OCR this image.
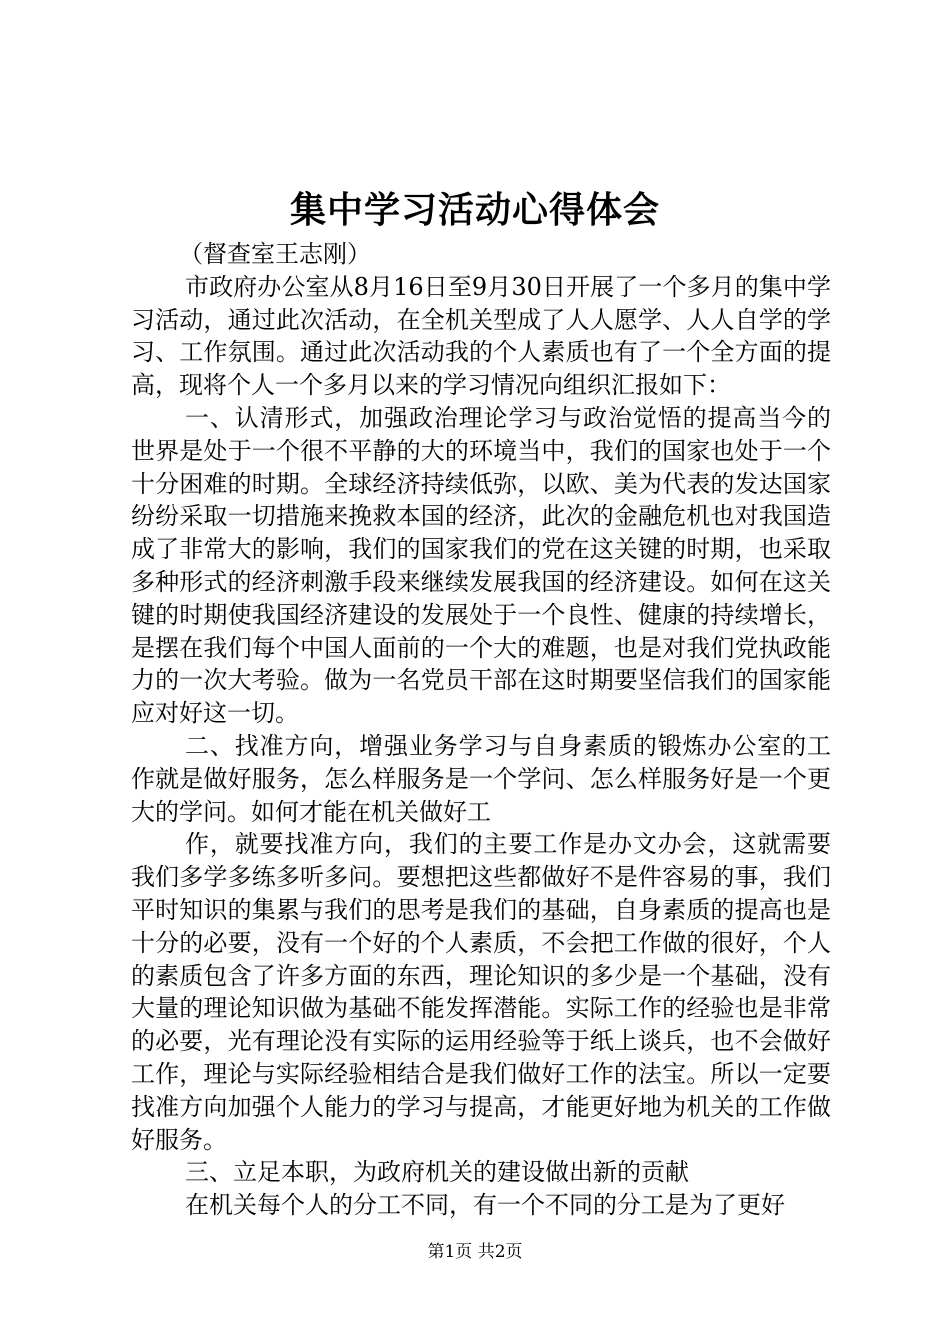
集中学习活动心得体会

（督查室王志刚）

市政府办公室从8月16日至9月30日开展了一个多月的集中学习活动，通过此次活动，在全机关型成了人人愿学、人人自学的学习、工作氛围。通过此次活动我的个人素质也有了一个全方面的提高，现将个人一个多月以来的学习情况向组织汇报如下：

一、认清形式，加强政治理论学习与政治觉悟的提高当今的世界是处于一个很不平静的大的环境当中，我们的国家也处于一个十分困难的时期。全球经济持续低弥，以欧、美为代表的发达国家纷纷采取一切措施来挽救本国的经济，此次的金融危机也对我国造成了非常大的影响，我们的国家我们的党在这关键的时期，也采取多种形式的经济刺激手段来继续发展我国的经济建设。如何在这关键的时期使我国经济建设的发展处于一个良性、健康的持续增长，是摆在我们每个中国人面前的一个大的难题，也是对我们党执政能力的一次大考验。做为一名党员干部在这时期要坚信我们的国家能应对好这一切。

二、找准方向，增强业务学习与自身素质的锻炼办公室的工作就是做好服务，怎么样服务是一个学问、怎么样服务好是一个更大的学问。如何才能在机关做好工

作，就要找准方向，我们的主要工作是办文办会，这就需要我们多学多练多听多问。要想把这些都做好不是件容易的事，我们平时知识的集累与我们的思考是我们的基础，自身素质的提高也是十分的必要，没有一个好的个人素质，不会把工作做的很好，个人的素质包含了许多方面的东西，理论知识的多少是一个基础，没有大量的理论知识做为基础不能发挥潜能。实际工作的经验也是非常的必要，光有理论没有实际的运用经验等于纸上谈兵，也不会做好工作，理论与实际经验相结合是我们做好工作的法宝。所以一定要找准方向加强个人能力的学习与提高，才能更好地为机关的工作做好服务。

三、立足本职，为政府机关的建设做出新的贡献

在机关每个人的分工不同，有一个不同的分工是为了更好

第1页 共2页
